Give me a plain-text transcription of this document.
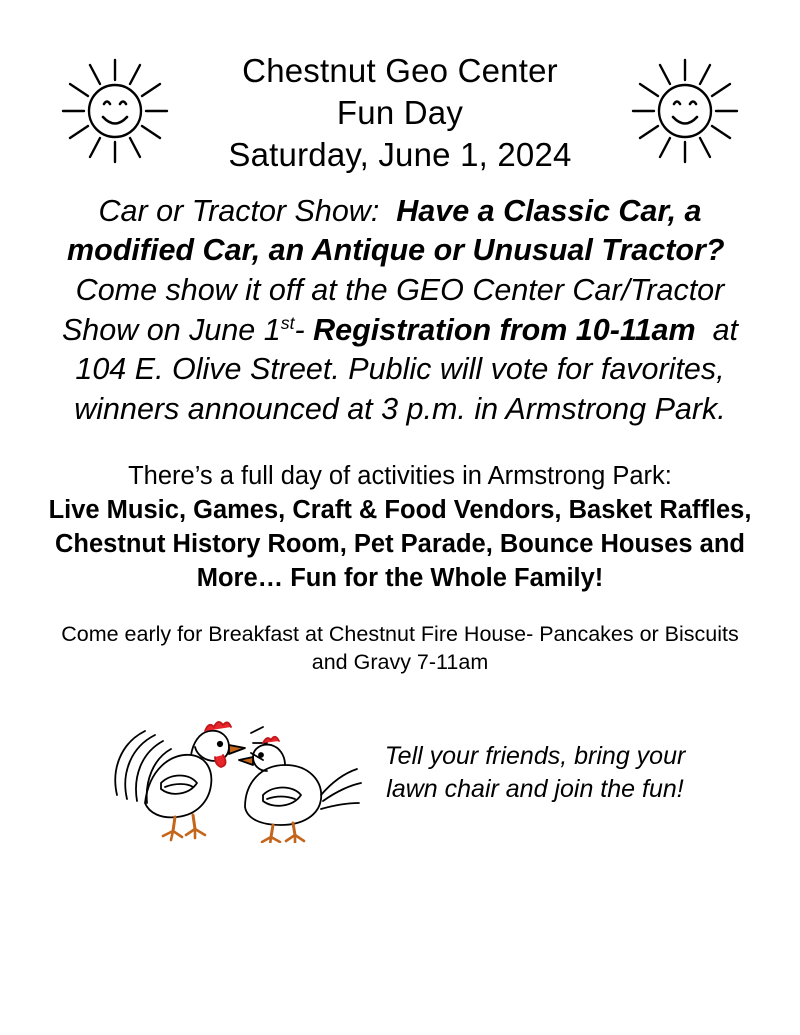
Chestnut Geo Center
Fun Day
Saturday, June 1, 2024

Car or Tractor Show: Have a Classic Car, a modified Car, an Antique or Unusual Tractor?  Come show it off at the GEO Center Car/Tractor Show on June 1st- Registration from 10-11am at 104 E. Olive Street. Public will vote for favorites, winners announced at 3 p.m. in Armstrong Park.

There’s a full day of activities in Armstrong Park:
Live Music, Games, Craft & Food Vendors, Basket Raffles, Chestnut History Room, Pet Parade, Bounce Houses and More… Fun for the Whole Family!

Come early for Breakfast at Chestnut Fire House- Pancakes or Biscuits and Gravy 7-11am

Tell your friends, bring your lawn chair and join the fun!
